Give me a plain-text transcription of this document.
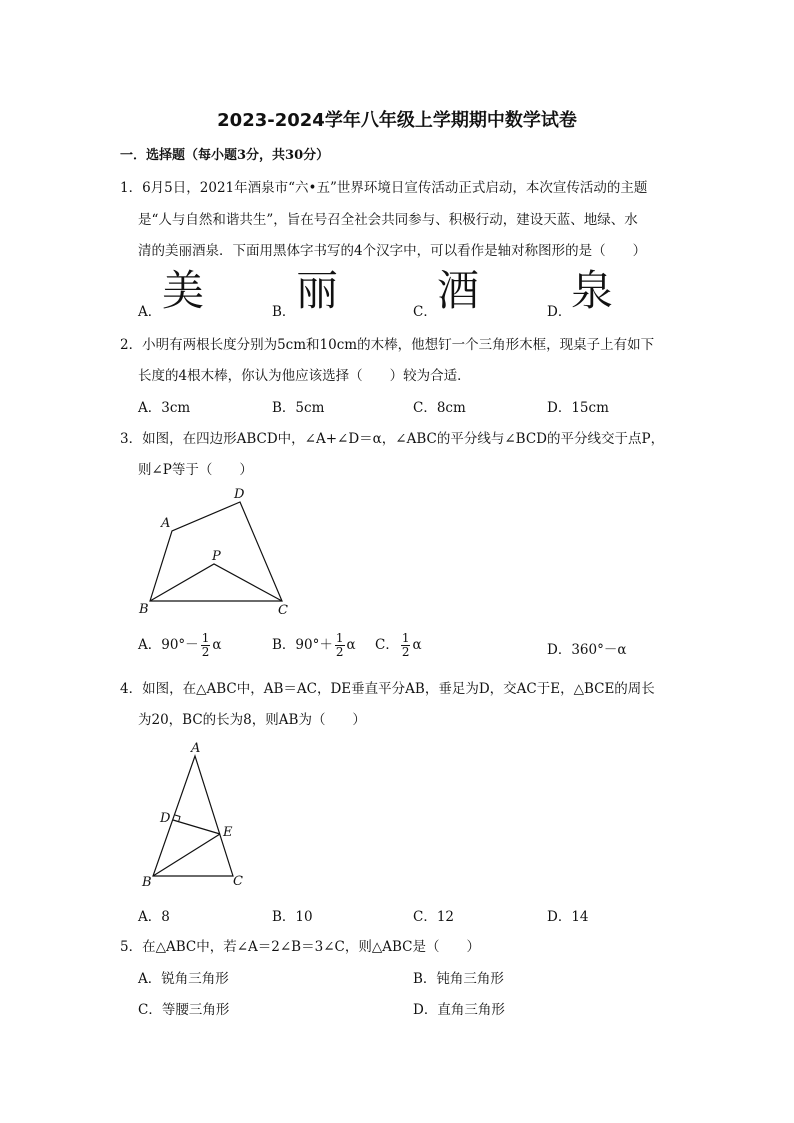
2023-2024学年八年级上学期期中数学试卷
一．选择题（每小题3分，共30分）
1．6月5日，2021年酒泉市“六•五”世界环境日宣传活动正式启动，本次宣传活动的主题
是“人与自然和谐共生”，旨在号召全社会共同参与、积极行动，建设天蓝、地绿、水
清的美丽酒泉．下面用黑体字书写的4个汉字中，可以看作是轴对称图形的是（　　）
A． 美	B． 丽	C． 酒	D． 泉
2．小明有两根长度分别为5cm和10cm的木棒，他想钉一个三角形木框，现桌子上有如下
长度的4根木棒，你认为他应该选择（　　）较为合适．
A．3cm	B．5cm	C．8cm	D．15cm
3．如图，在四边形ABCD中，∠A+∠D＝α，∠ABC的平分线与∠BCD的平分线交于点P，
则∠P等于（　　）
A
D
P
B	C
A．$90^\circ- \frac{1}{2}$ α	B．$90^\circ+ \frac{1}{2}$ α C． $\frac{1}{2}$ α	D．360°－α
4．如图，在△ABC中，AB＝AC，DE垂直平分AB，垂足为D，交AC于E，△BCE的周长
为20，BC的长为8，则AB为（　　）
A
D
E
B	C
A．8	B．10	C．12	D．14
5．在△ABC中，若∠A＝2∠B＝3∠C，则△ABC是（　　）
A．锐角三角形	B．钝角三角形
C．等腰三角形	D．直角三角形
